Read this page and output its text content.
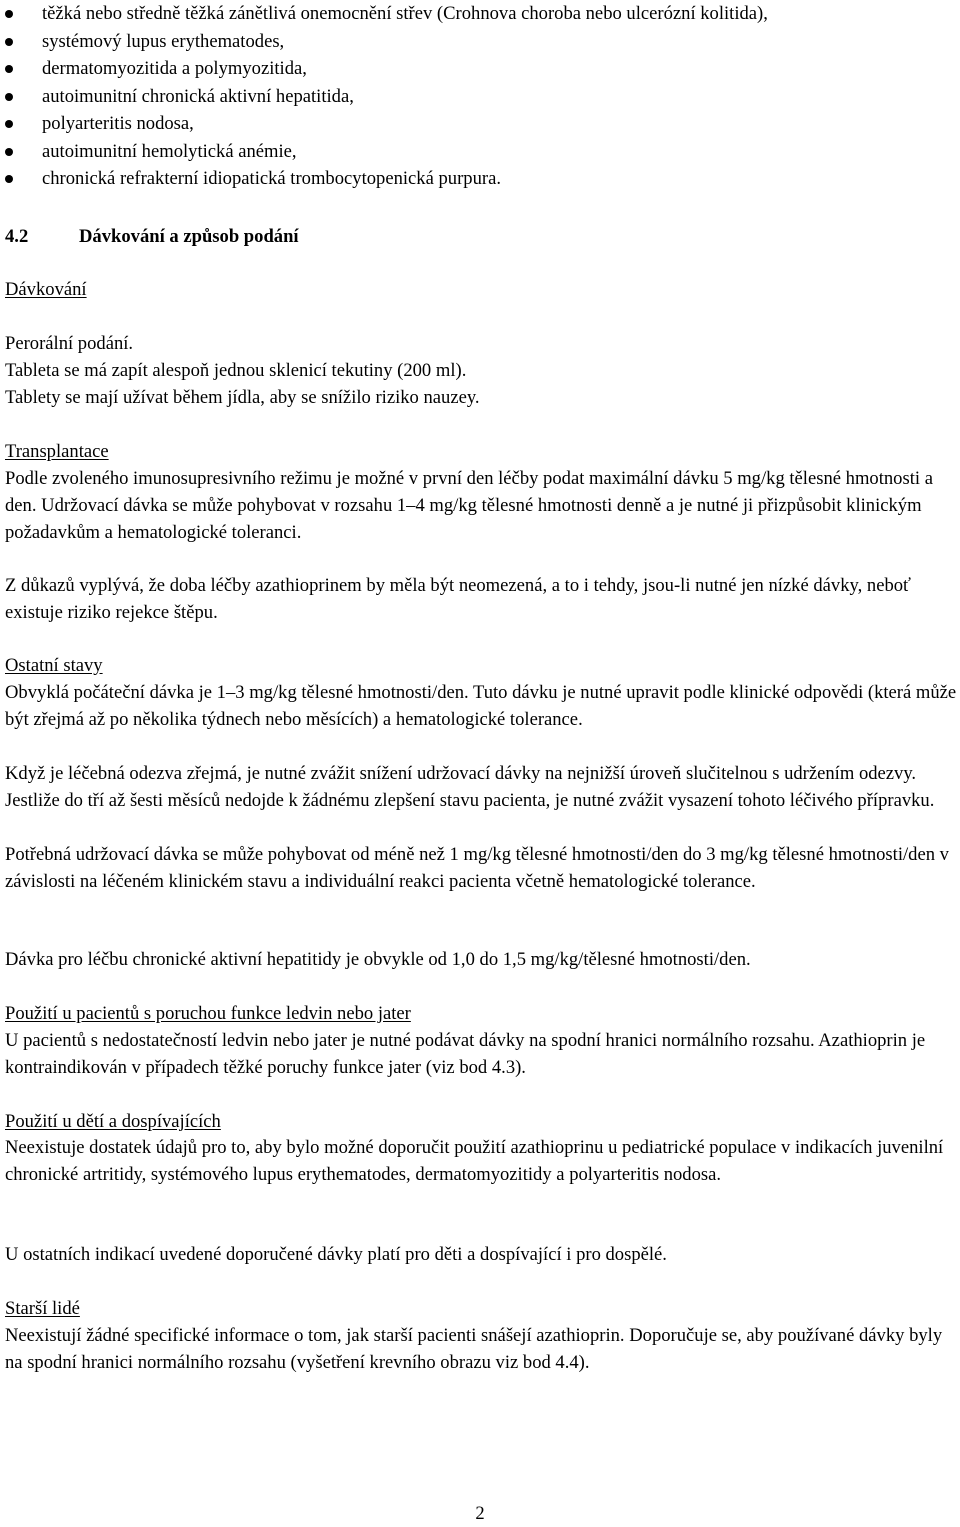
těžká nebo středně těžká zánětlivá onemocnění střev (Crohnova choroba nebo ulcerózní kolitida),
systémový lupus erythematodes,
dermatomyozitida a polymyozitida,
autoimunitní chronická aktivní hepatitida,
polyarteritis nodosa,
autoimunitní hemolytická anémie,
chronická refrakterní idiopatická trombocytopenická purpura.
4.2	Dávkování a způsob podání
Dávkování
Perorální podání.
Tableta se má zapít alespoň jednou sklenicí tekutiny (200 ml).
Tablety se mají užívat během jídla, aby se snížilo riziko nauzey.
Transplantace

Podle zvoleného imunosupresivního režimu je možné v první den léčby podat maximální dávku 5 mg/kg tělesné hmotnosti a den. Udržovací dávka se může pohybovat v rozsahu 1–4 mg/kg tělesné hmotnosti denně a je nutné ji přizpůsobit klinickým požadavkům a hematologické toleranci.

Z důkazů vyplývá, že doba léčby azathioprinem by měla být neomezená, a to i tehdy, jsou-li nutné jen nízké dávky, neboť existuje riziko rejekce štěpu.

Ostatní stavy

Obvyklá počáteční dávka je 1–3 mg/kg tělesné hmotnosti/den. Tuto dávku je nutné upravit podle klinické odpovědi (která může být zřejmá až po několika týdnech nebo měsících) a hematologické tolerance.

Když je léčebná odezva zřejmá, je nutné zvážit snížení udržovací dávky na nejnižší úroveň slučitelnou s udržením odezvy. Jestliže do tří až šesti měsíců nedojde k žádnému zlepšení stavu pacienta, je nutné zvážit vysazení tohoto léčivého přípravku.

Potřebná udržovací dávka se může pohybovat od méně než 1 mg/kg tělesné hmotnosti/den do 3 mg/kg tělesné hmotnosti/den v závislosti na léčeném klinickém stavu a individuální reakci pacienta včetně hematologické tolerance.

Dávka pro léčbu chronické aktivní hepatitidy je obvykle od 1,0 do 1,5 mg/kg/tělesné hmotnosti/den.

Použití u pacientů s poruchou funkce ledvin nebo jater

U pacientů s nedostatečností ledvin nebo jater je nutné podávat dávky na spodní hranici normálního rozsahu. Azathioprin je kontraindikován v případech těžké poruchy funkce jater (viz bod 4.3).

Použití u dětí a dospívajících

Neexistuje dostatek údajů pro to, aby bylo možné doporučit použití azathioprinu u pediatrické populace v indikacích juvenilní chronické artritidy, systémového lupus erythematodes, dermatomyozitidy a polyarteritis nodosa.

U ostatních indikací uvedené doporučené dávky platí pro děti a dospívající i pro dospělé.

Starší lidé

Neexistují žádné specifické informace o tom, jak starší pacienti snášejí azathioprin. Doporučuje se, aby používané dávky byly na spodní hranici normálního rozsahu (vyšetření krevního obrazu viz bod 4.4).

2
